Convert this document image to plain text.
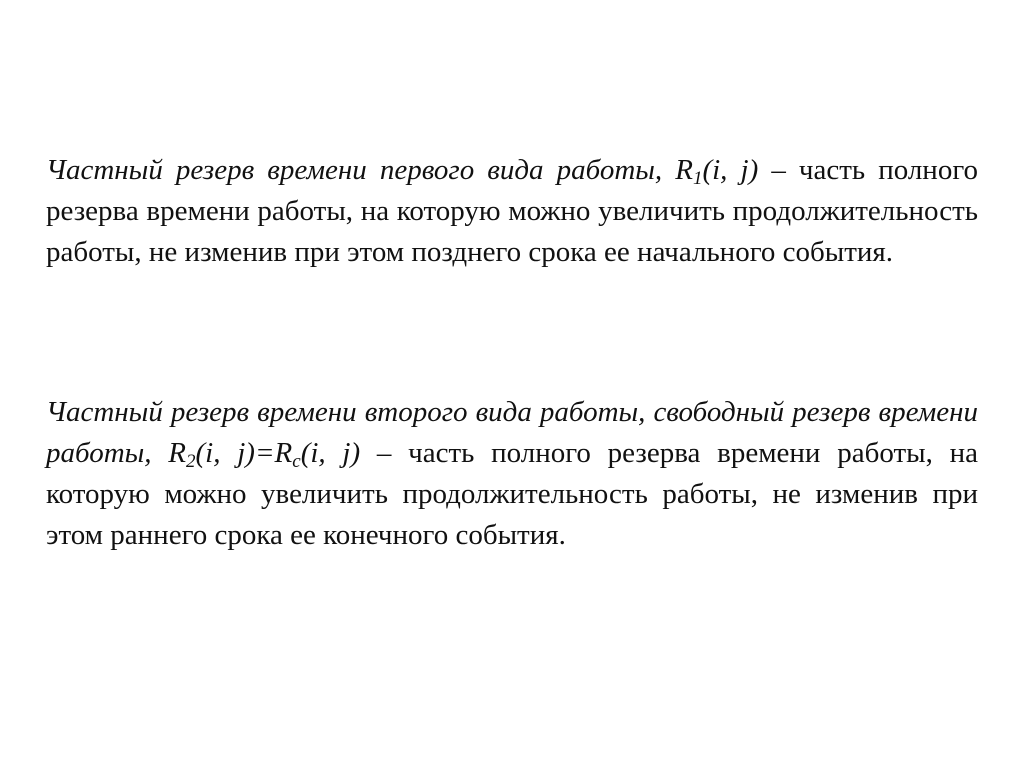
Частный резерв времени первого вида работы, $R_1(i$, j) – часть полного резерва времени работы, на которую можно увеличить продолжительность работы, не изменив при этом позднего срока ее начального события.

Частный резерв времени второго вида работы, свободный резерв времени работы, $R_2(i$, $j)=R_c(i$, j) – часть полного резерва времени работы, на которую можно увеличить продолжительность работы, не изменив при этом раннего срока ее конечного события.
